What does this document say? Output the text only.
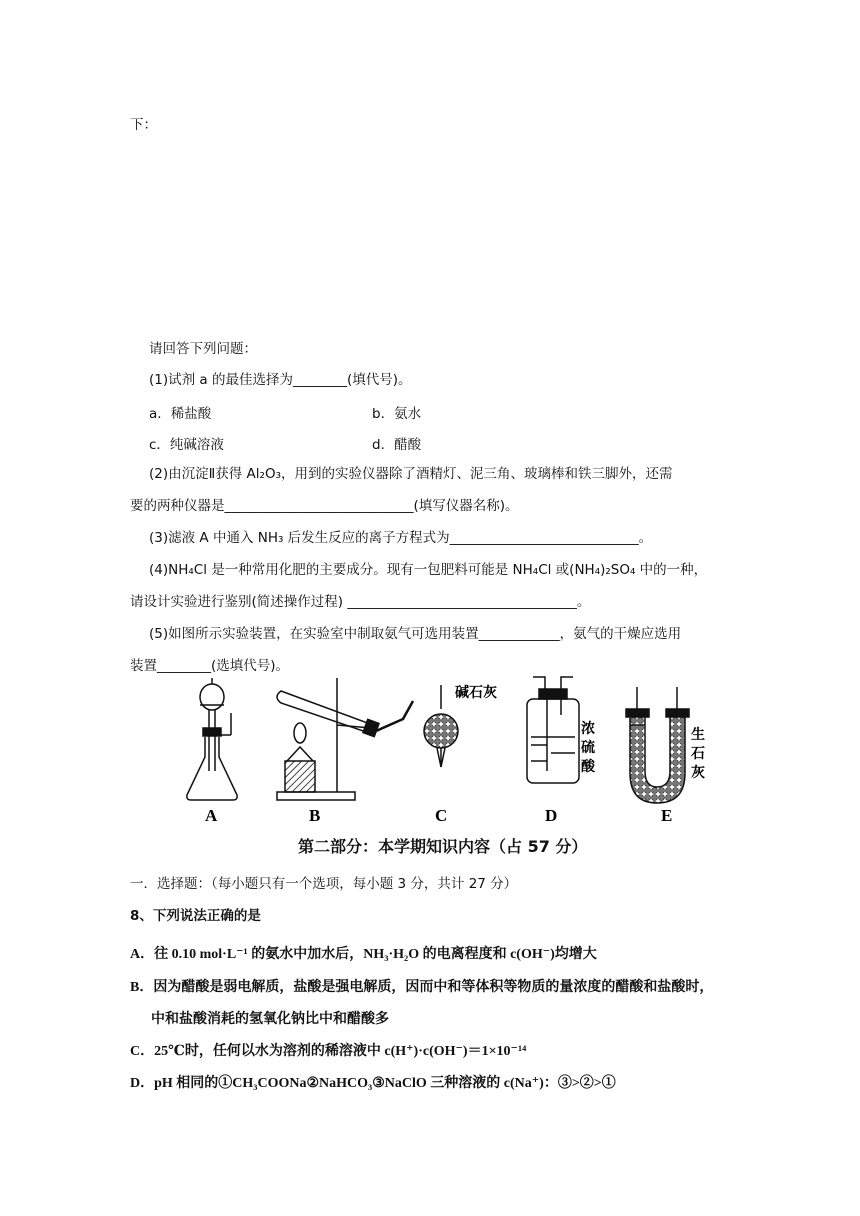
下：
请回答下列问题：
(1)试剂 a 的最佳选择为________(填代号)。
a．稀盐酸	b．氨水
c．纯碱溶液	d．醋酸
(2)由沉淀Ⅱ获得 Al₂O₃，用到的实验仪器除了酒精灯、泥三角、玻璃棒和铁三脚外，还需
要的两种仪器是____________________________(填写仪器名称)。
(3)滤液 A 中通入 NH₃ 后发生反应的离子方程式为____________________________。
(4)NH₄Cl 是一种常用化肥的主要成分。现有一包肥料可能是 NH₄Cl 或(NH₄)₂SO₄ 中的一种，
请设计实验进行鉴别(简述操作过程) __________________________________。
(5)如图所示实验装置，在实验室中制取氨气可选用装置____________，氨气的干燥应选用
装置________(选填代号)。
碱石灰
浓
硫
酸
生
石
灰
A	B	C	D	E
第二部分：本学期知识内容（占 57 分）
一．选择题：（每小题只有一个选项，每小题 3 分，共计 27 分）
8、下列说法正确的是
A．往 0.10 mol·L⁻¹ 的氨水中加水后，NH₃·H₂O 的电离程度和 c(OH⁻)均增大
B．因为醋酸是弱电解质，盐酸是强电解质，因而中和等体积等物质的量浓度的醋酸和盐酸时，
中和盐酸消耗的氢氧化钠比中和醋酸多
C．25℃时，任何以水为溶剂的稀溶液中 c(H⁺)·c(OH⁻)＝1×10⁻¹⁴
D．pH 相同的①CH₃COONa②NaHCO₃③NaClO 三种溶液的 c(Na⁺)：③>②>①
